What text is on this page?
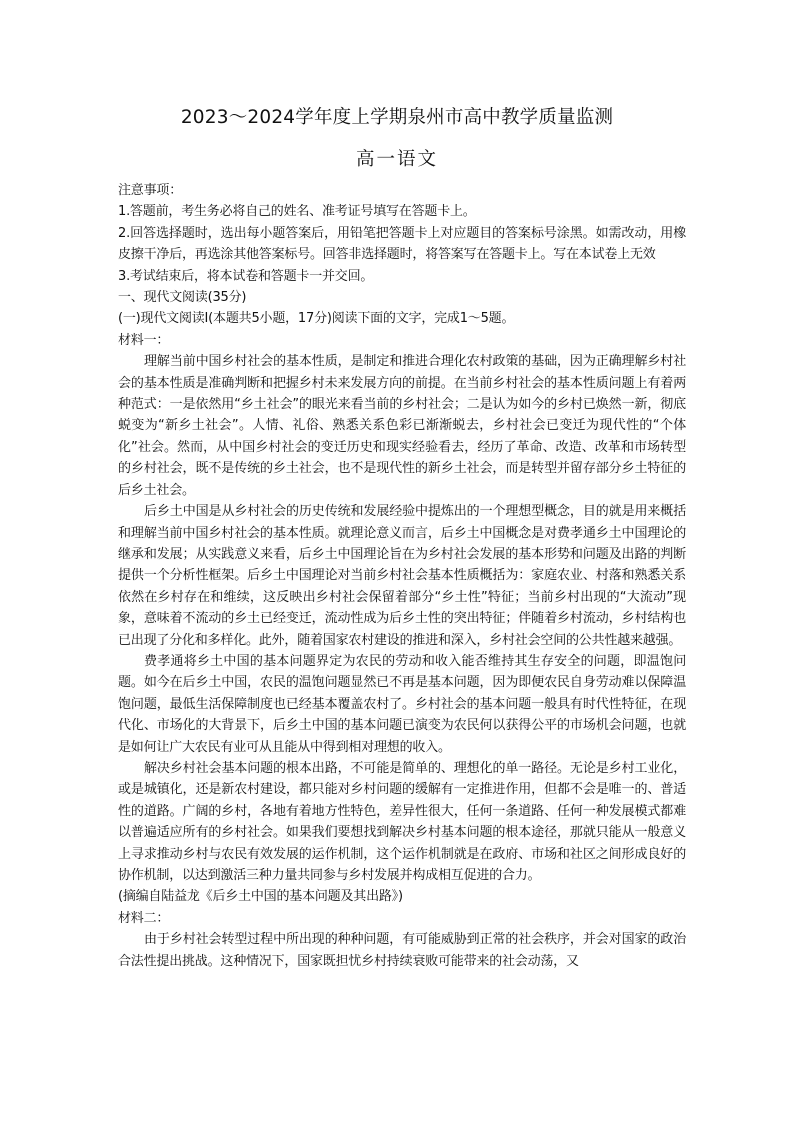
2023～2024学年度上学期泉州市高中教学质量监测
高一语文

注意事项：

1.答题前，考生务必将自己的姓名、准考证号填写在答题卡上。

2.回答选择题时，选出每小题答案后，用铅笔把答题卡上对应题目的答案标号涂黑。如需改动，用橡皮擦干净后，再选涂其他答案标号。回答非选择题时，将答案写在答题卡上。写在本试卷上无效

3.考试结束后，将本试卷和答题卡一并交回。

一、现代文阅读(35分)

(一)现代文阅读Ⅰ(本题共5小题，17分)阅读下面的文字，完成1～5题。

材料一：

理解当前中国乡村社会的基本性质，是制定和推进合理化农村政策的基础，因为正确理解乡村社会的基本性质是准确判断和把握乡村未来发展方向的前提。在当前乡村社会的基本性质问题上有着两种范式：一是依然用“乡土社会”的眼光来看当前的乡村社会；二是认为如今的乡村已焕然一新，彻底蜕变为“新乡土社会”。人情、礼俗、熟悉关系色彩已渐渐蜕去，乡村社会已变迁为现代性的“个体化”社会。然而，从中国乡村社会的变迁历史和现实经验看去，经历了革命、改造、改革和市场转型的乡村社会，既不是传统的乡土社会，也不是现代性的新乡土社会，而是转型并留存部分乡土特征的后乡土社会。

后乡土中国是从乡村社会的历史传统和发展经验中提炼出的一个理想型概念，目的就是用来概括和理解当前中国乡村社会的基本性质。就理论意义而言，后乡土中国概念是对费孝通乡土中国理论的继承和发展；从实践意义来看，后乡土中国理论旨在为乡村社会发展的基本形势和问题及出路的判断提供一个分析性框架。后乡土中国理论对当前乡村社会基本性质概括为：家庭农业、村落和熟悉关系依然在乡村存在和维续，这反映出乡村社会保留着部分“乡土性”特征；当前乡村出现的“大流动”现象，意味着不流动的乡土已经变迁，流动性成为后乡土性的突出特征；伴随着乡村流动，乡村结构也已出现了分化和多样化。此外，随着国家农村建设的推进和深入，乡村社会空间的公共性越来越强。

费孝通将乡土中国的基本问题界定为农民的劳动和收入能否维持其生存安全的问题，即温饱问题。如今在后乡土中国，农民的温饱问题显然已不再是基本问题，因为即便农民自身劳动难以保障温饱问题，最低生活保障制度也已经基本覆盖农村了。乡村社会的基本问题一般具有时代性特征，在现代化、市场化的大背景下，后乡土中国的基本问题已演变为农民何以获得公平的市场机会问题，也就是如何让广大农民有业可从且能从中得到相对理想的收入。

解决乡村社会基本问题的根本出路，不可能是简单的、理想化的单一路径。无论是乡村工业化，或是城镇化，还是新农村建设，都只能对乡村问题的缓解有一定推进作用，但都不会是唯一的、普适性的道路。广阔的乡村，各地有着地方性特色，差异性很大，任何一条道路、任何一种发展模式都难以普遍适应所有的乡村社会。如果我们要想找到解决乡村基本问题的根本途径，那就只能从一般意义上寻求推动乡村与农民有效发展的运作机制，这个运作机制就是在政府、市场和社区之间形成良好的协作机制，以达到激活三种力量共同参与乡村发展并构成相互促进的合力。

(摘编自陆益龙《后乡土中国的基本问题及其出路》)

材料二：

由于乡村社会转型过程中所出现的种种问题，有可能威胁到正常的社会秩序，并会对国家的政治合法性提出挑战。这种情况下，国家既担忧乡村持续衰败可能带来的社会动荡，又
